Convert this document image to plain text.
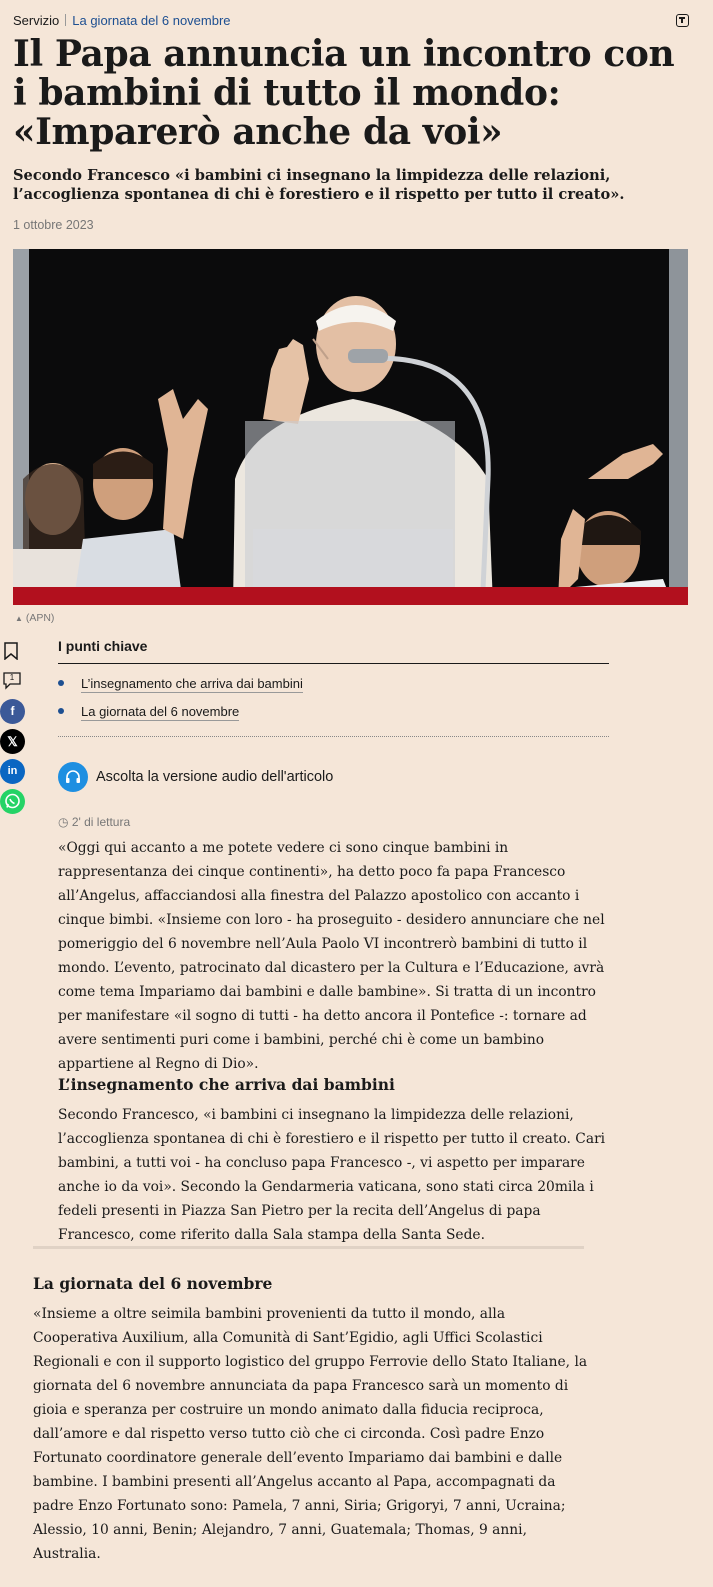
Servizio La giornata del 6 novembre
Il Papa annuncia un incontro con i bambini di tutto il mondo: «Imparerò anche da voi»

Secondo Francesco «i bambini ci insegnano la limpidezza delle relazioni, l’accoglienza spontanea di chi è forestiero e il rispetto per tutto il creato».

1 ottobre 2023
▲ (APN)
1
f
𝕏
in
I punti chiave
L’insegnamento che arriva dai bambini
La giornata del 6 novembre
Ascolta la versione audio dell'articolo
◷ 2' di lettura

«Oggi qui accanto a me potete vedere ci sono cinque bambini in rappresentanza dei cinque continenti», ha detto poco fa papa Francesco all’Angelus, affacciandosi alla finestra del Palazzo apostolico con accanto i cinque bimbi. «Insieme con loro - ha proseguito - desidero annunciare che nel pomeriggio del 6 novembre nell’Aula Paolo VI incontrerò bambini di tutto il mondo. L’evento, patrocinato dal dicastero per la Cultura e l’Educazione, avrà come tema Impariamo dai bambini e dalle bambine». Si tratta di un incontro per manifestare «il sogno di tutti - ha detto ancora il Pontefice -: tornare ad avere sentimenti puri come i bambini, perché chi è come un bambino appartiene al Regno di Dio».

L’insegnamento che arriva dai bambini

Secondo Francesco, «i bambini ci insegnano la limpidezza delle relazioni, l’accoglienza spontanea di chi è forestiero e il rispetto per tutto il creato. Cari bambini, a tutti voi - ha concluso papa Francesco -, vi aspetto per imparare anche io da voi». Secondo la Gendarmeria vaticana, sono stati circa 20mila i fedeli presenti in Piazza San Pietro per la recita dell’Angelus di papa Francesco, come riferito dalla Sala stampa della Santa Sede.

La giornata del 6 novembre

«Insieme a oltre seimila bambini provenienti da tutto il mondo, alla Cooperativa Auxilium, alla Comunità di Sant’Egidio, agli Uffici Scolastici Regionali e con il supporto logistico del gruppo Ferrovie dello Stato Italiane, la giornata del 6 novembre annunciata da papa Francesco sarà un momento di gioia e speranza per costruire un mondo animato dalla fiducia reciproca, dall’amore e dal rispetto verso tutto ciò che ci circonda. Così padre Enzo Fortunato coordinatore generale dell’evento Impariamo dai bambini e dalle bambine. I bambini presenti all’Angelus accanto al Papa, accompagnati da padre Enzo Fortunato sono: Pamela, 7 anni, Siria; Grigoryi, 7 anni, Ucraina; Alessio, 10 anni, Benin; Alejandro, 7 anni, Guatemala; Thomas, 9 anni, Australia.
